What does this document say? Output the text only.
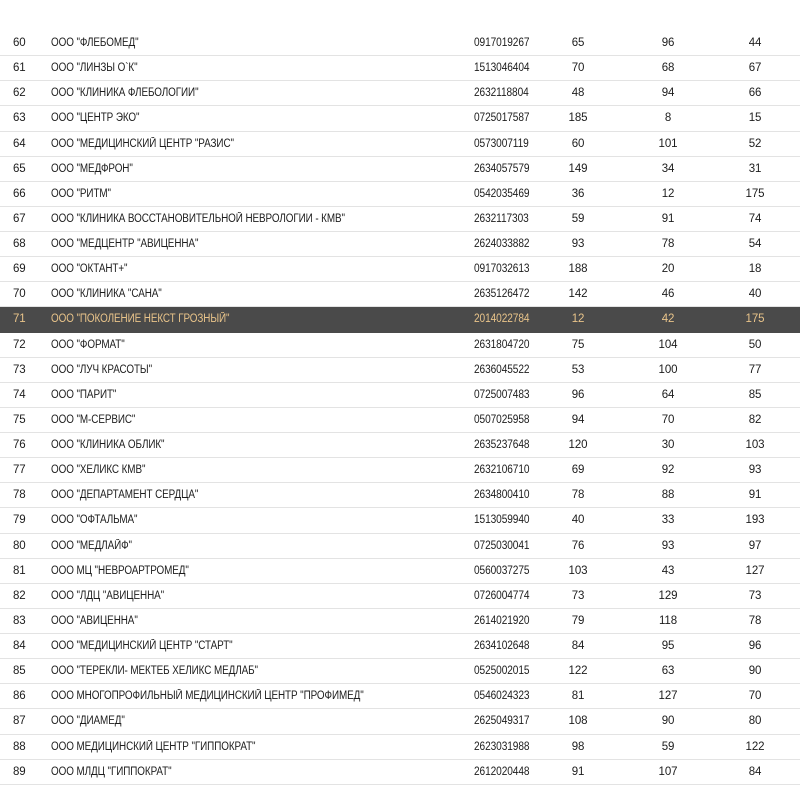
60	ООО "ФЛЕБОМЕД"	0917019267	65	96	44
61	ООО "ЛИНЗЫ О`К"	1513046404	70	68	67
62	ООО "КЛИНИКА ФЛЕБОЛОГИИ"	2632118804	48	94	66
63	ООО "ЦЕНТР ЭКО"	0725017587	185	8	15
64	ООО "МЕДИЦИНСКИЙ ЦЕНТР "РАЗИС"	0573007119	60	101	52
65	ООО "МЕДФРОН"	2634057579	149	34	31
66	ООО "РИТМ"	0542035469	36	12	175
67	ООО "КЛИНИКА ВОССТАНОВИТЕЛЬНОЙ НЕВРОЛОГИИ - КМВ"	2632117303	59	91	74
68	ООО "МЕДЦЕНТР "АВИЦЕННА"	2624033882	93	78	54
69	ООО "ОКТАНТ+"	0917032613	188	20	18
70	ООО "КЛИНИКА "САНА"	2635126472	142	46	40
71	ООО "ПОКОЛЕНИЕ НЕКСТ ГРОЗНЫЙ"	2014022784	12	42	175
72	ООО "ФОРМАТ"	2631804720	75	104	50
73	ООО "ЛУЧ КРАСОТЫ"	2636045522	53	100	77
74	ООО "ПАРИТ"	0725007483	96	64	85
75	ООО "М-СЕРВИС"	0507025958	94	70	82
76	ООО "КЛИНИКА ОБЛИК"	2635237648	120	30	103
77	ООО "ХЕЛИКС КМВ"	2632106710	69	92	93
78	ООО "ДЕПАРТАМЕНТ СЕРДЦА"	2634800410	78	88	91
79	ООО "ОФТАЛЬМА"	1513059940	40	33	193
80	ООО "МЕДЛАЙФ"	0725030041	76	93	97
81	ООО МЦ "НЕВРОАРТРОМЕД"	0560037275	103	43	127
82	ООО "ЛДЦ "АВИЦЕННА"	0726004774	73	129	73
83	ООО "АВИЦЕННА"	2614021920	79	118	78
84	ООО "МЕДИЦИНСКИЙ ЦЕНТР "СТАРТ"	2634102648	84	95	96
85	ООО "ТЕРЕКЛИ- МЕКТЕБ ХЕЛИКС МЕДЛАБ"	0525002015	122	63	90
86	ООО МНОГОПРОФИЛЬНЫЙ МЕДИЦИНСКИЙ ЦЕНТР "ПРОФИМЕД"	0546024323	81	127	70
87	ООО "ДИАМЕД"	2625049317	108	90	80
88	ООО МЕДИЦИНСКИЙ ЦЕНТР "ГИППОКРАТ"	2623031988	98	59	122
89	ООО МЛДЦ "ГИППОКРАТ"	2612020448	91	107	84
